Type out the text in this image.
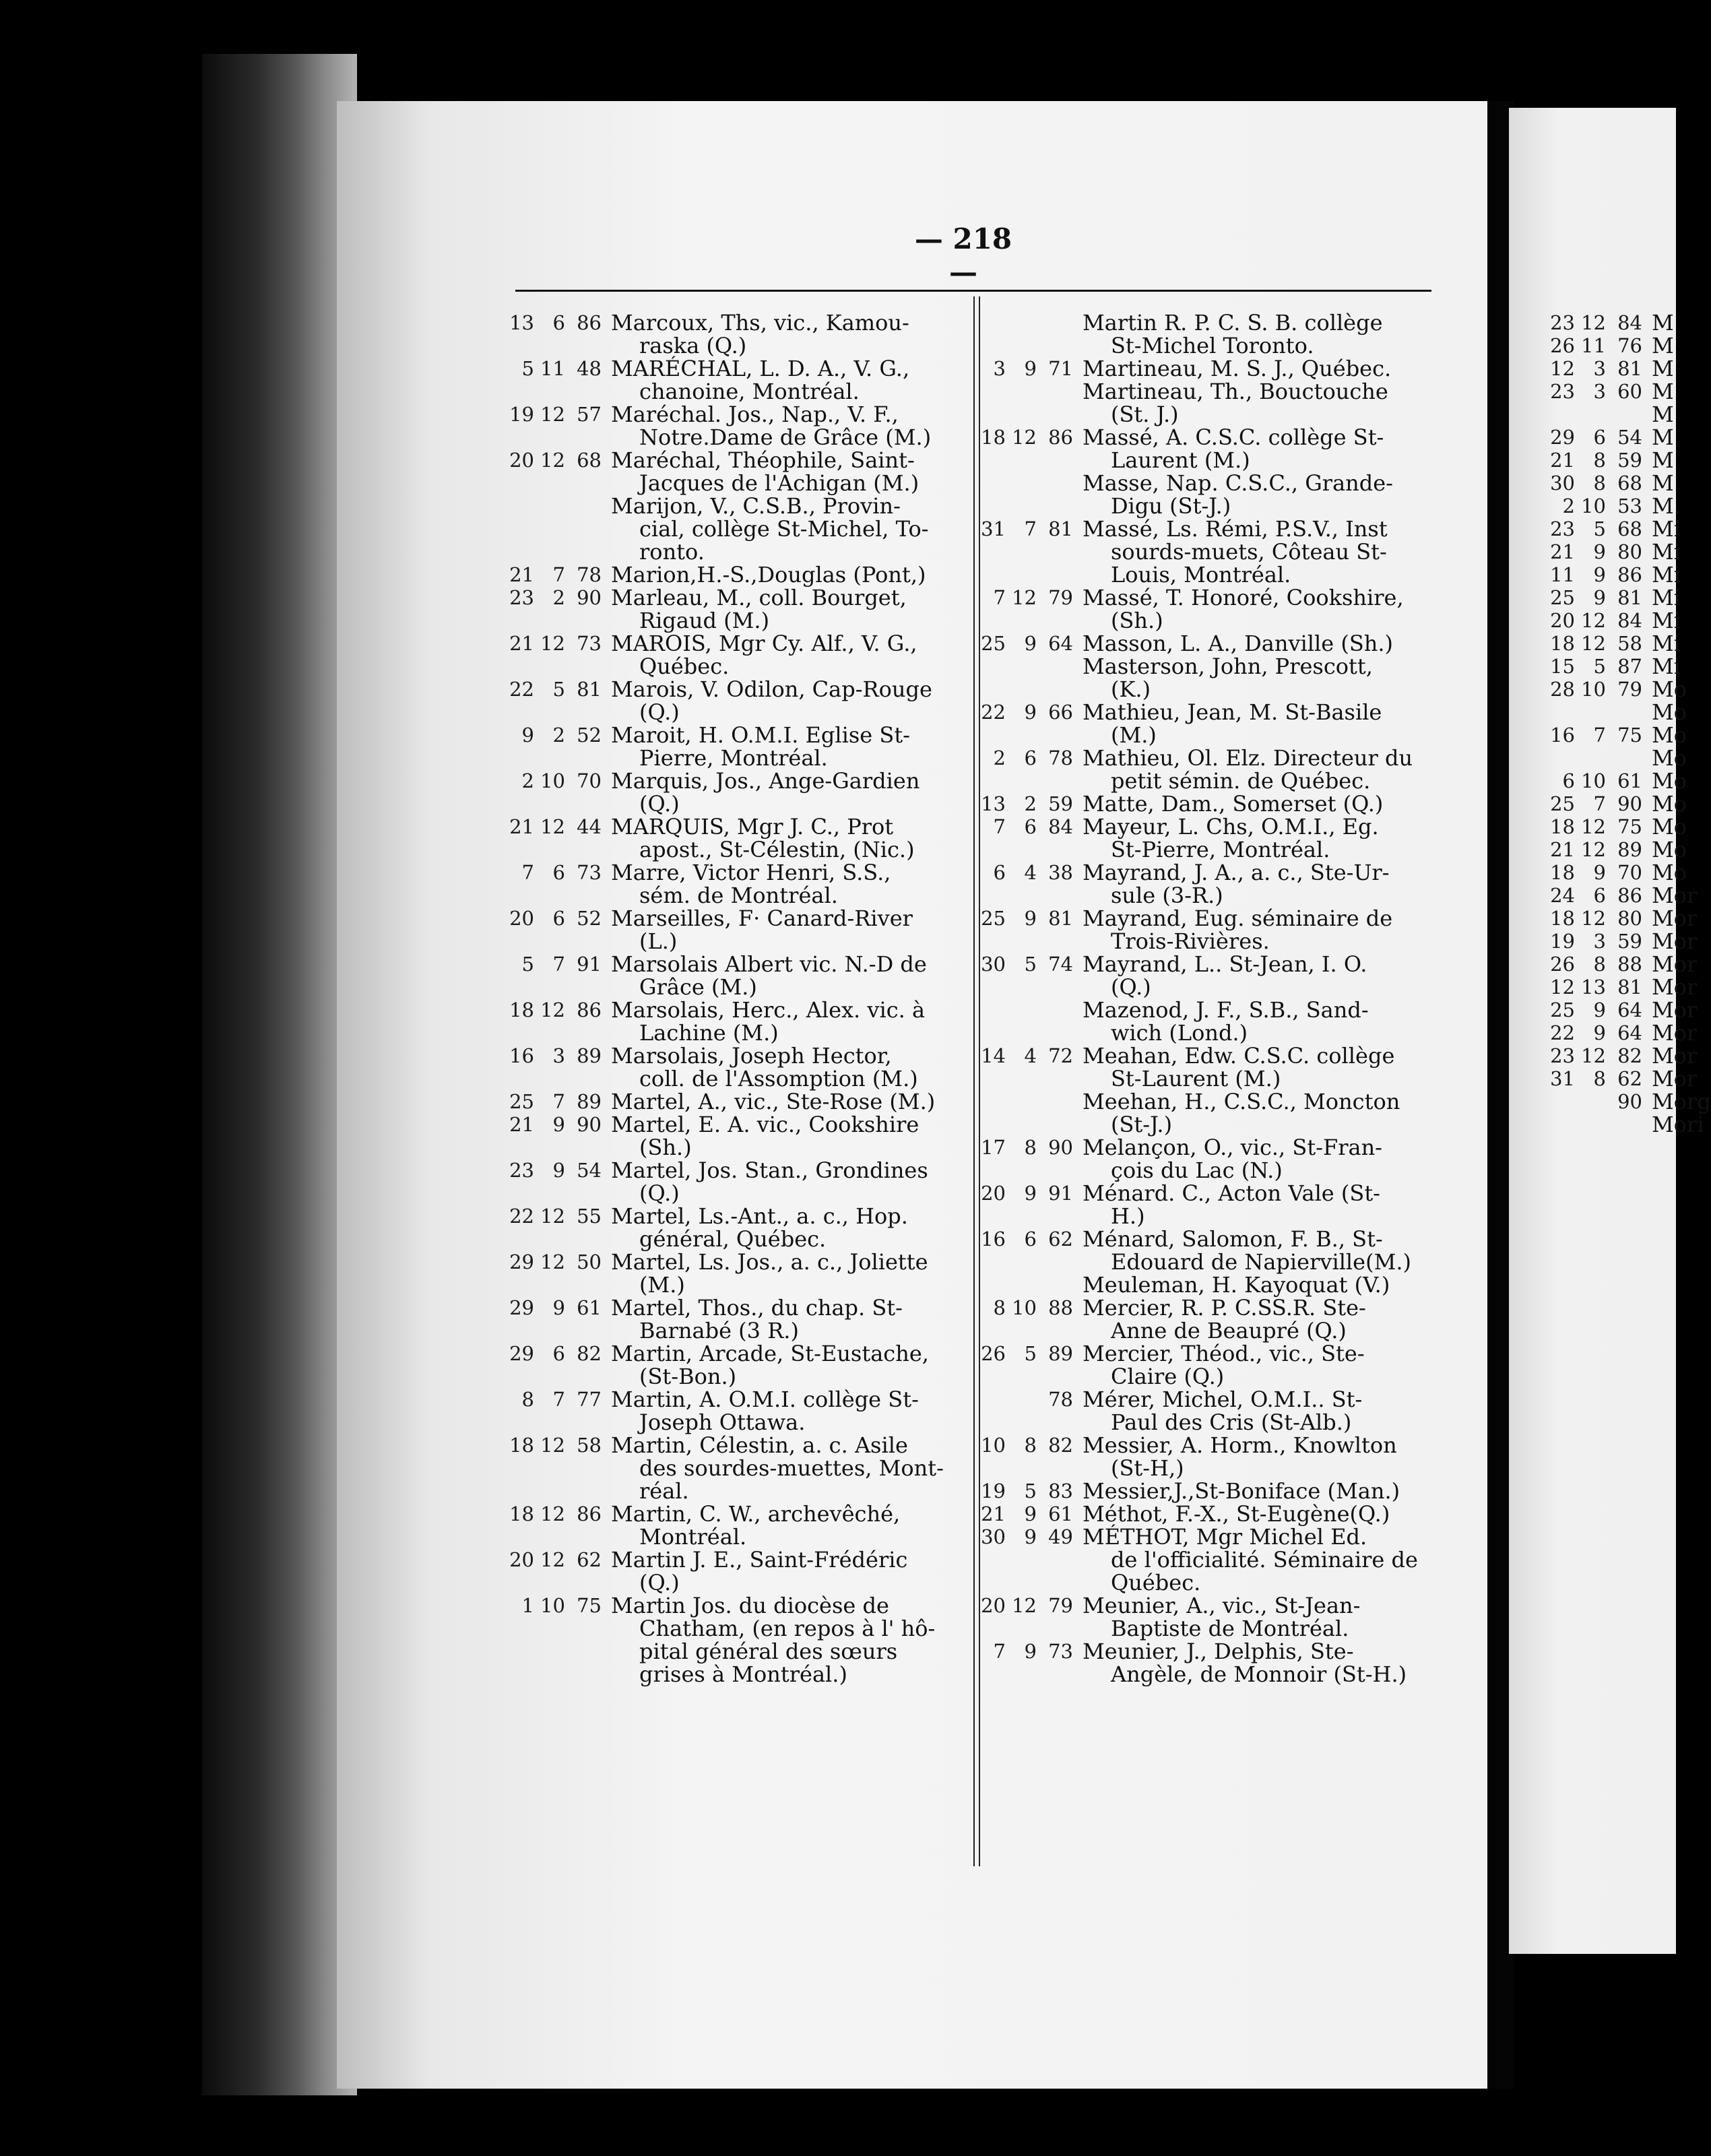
— 218 —
13 6 86 Marcoux, Ths, vic., Kamou-
raska (Q.)
5 11 48 MARÉCHAL, L. D. A., V. G.,
chanoine, Montréal.
19 12 57 Maréchal. Jos., Nap., V. F.,
Notre.Dame de Grâce (M.)
20 12 68 Maréchal, Théophile, Saint-
Jacques de l'Achigan (M.)
Marijon, V., C.S.B., Provin-
cial, collège St-Michel, To-
ronto.
21 7 78 Marion,H.-S.,Douglas (Pont,)
23 2 90 Marleau, M., coll. Bourget,
Rigaud (M.)
21 12 73 MAROIS, Mgr Cy. Alf., V. G.,
Québec.
22 5 81 Marois, V. Odilon, Cap-Rouge
(Q.)
9 2 52 Maroit, H. O.M.I. Eglise St-
Pierre, Montréal.
2 10 70 Marquis, Jos., Ange-Gardien
(Q.)
21 12 44 MARQUIS, Mgr J. C., Prot
apost., St-Célestin, (Nic.)
7 6 73 Marre, Victor Henri, S.S.,
sém. de Montréal.
20 6 52 Marseilles, F· Canard-River
(L.)
5 7 91 Marsolais Albert vic. N.-D de
Grâce (M.)
18 12 86 Marsolais, Herc., Alex. vic. à
Lachine (M.)
16 3 89 Marsolais, Joseph Hector,
coll. de l'Assomption (M.)
25 7 89 Martel, A., vic., Ste-Rose (M.)
21 9 90 Martel, E. A. vic., Cookshire
(Sh.)
23 9 54 Martel, Jos. Stan., Grondines
(Q.)
22 12 55 Martel, Ls.-Ant., a. c., Hop.
général, Québec.
29 12 50 Martel, Ls. Jos., a. c., Joliette
(M.)
29 9 61 Martel, Thos., du chap. St-
Barnabé (3 R.)
29 6 82 Martin, Arcade, St-Eustache,
(St-Bon.)
8 7 77 Martin, A. O.M.I. collège St-
Joseph Ottawa.
18 12 58 Martin, Célestin, a. c. Asile
des sourdes-muettes, Mont-
réal.
18 12 86 Martin, C. W., archevêché,
Montréal.
20 12 62 Martin J. E., Saint-Frédéric
(Q.)
1 10 75 Martin Jos. du diocèse de
Chatham, (en repos à l' hô-
pital général des sœurs
grises à Montréal.)
Martin R. P. C. S. B. collège
St-Michel Toronto.
3 9 71 Martineau, M. S. J., Québec.
Martineau, Th., Bouctouche
(St. J.)
18 12 86 Massé, A. C.S.C. collège St-
Laurent (M.)
Masse, Nap. C.S.C., Grande-
Digu (St-J.)
31 7 81 Massé, Ls. Rémi, P.S.V., Inst
sourds-muets, Côteau St-
Louis, Montréal.
7 12 79 Massé, T. Honoré, Cookshire,
(Sh.)
25 9 64 Masson, L. A., Danville (Sh.)
Masterson, John, Prescott,
(K.)
22 9 66 Mathieu, Jean, M. St-Basile
(M.)
2 6 78 Mathieu, Ol. Elz. Directeur du
petit sémin. de Québec.
13 2 59 Matte, Dam., Somerset (Q.)
7 6 84 Mayeur, L. Chs, O.M.I., Eg.
St-Pierre, Montréal.
6 4 38 Mayrand, J. A., a. c., Ste-Ur-
sule (3-R.)
25 9 81 Mayrand, Eug. séminaire de
Trois-Rivières.
30 5 74 Mayrand, L.. St-Jean, I. O.
(Q.)
Mazenod, J. F., S.B., Sand-
wich (Lond.)
14 4 72 Meahan, Edw. C.S.C. collège
St-Laurent (M.)
Meehan, H., C.S.C., Moncton
(St-J.)
17 8 90 Melançon, O., vic., St-Fran-
çois du Lac (N.)
20 9 91 Ménard. C., Acton Vale (St-
H.)
16 6 62 Ménard, Salomon, F. B., St-
Edouard de Napierville(M.)
Meuleman, H. Kayoquat (V.)
8 10 88 Mercier, R. P. C.SS.R. Ste-
Anne de Beaupré (Q.)
26 5 89 Mercier, Théod., vic., Ste-
Claire (Q.)
78 Mérer, Michel, O.M.I.. St-
Paul des Cris (St-Alb.)
10 8 82 Messier, A. Horm., Knowlton
(St-H,)
19 5 83 Messier,J.,St-Boniface (Man.)
21 9 61 Méthot, F.-X., St-Eugène(Q.)
30 9 49 MÉTHOT, Mgr Michel Ed.
de l'officialité. Séminaire de
Québec.
20 12 79 Meunier, A., vic., St-Jean-
Baptiste de Montréal.
7 9 73 Meunier, J., Delphis, Ste-
Angèle, de Monnoir (St-H.)
23 12 84 M
26 11 76 M
12 3 81 M
23 3 60 M
M
29 6 54 M
21 8 59 M
30 8 68 M
2 10 53 M.
23 5 68 Mi
21 9 80 Mi
11 9 86 Mi
25 9 81 Mi
20 12 84 Mi
18 12 58 Mi
15 5 87 Mi
28 10 79 Mo
Mo
16 7 75 Mo
Mo
6 10 61 Mo
25 7 90 Mo
18 12 75 Mo
21 12 89 Mo
18 9 70 Mo
24 6 86 Mor
18 12 80 Mor
19 3 59 Mor
26 8 88 Mor
12 13 81 Mor
25 9 64 Mor
22 9 64 Mor
23 12 82 Mor
31 8 62 Mor
90 Morg
Mori
